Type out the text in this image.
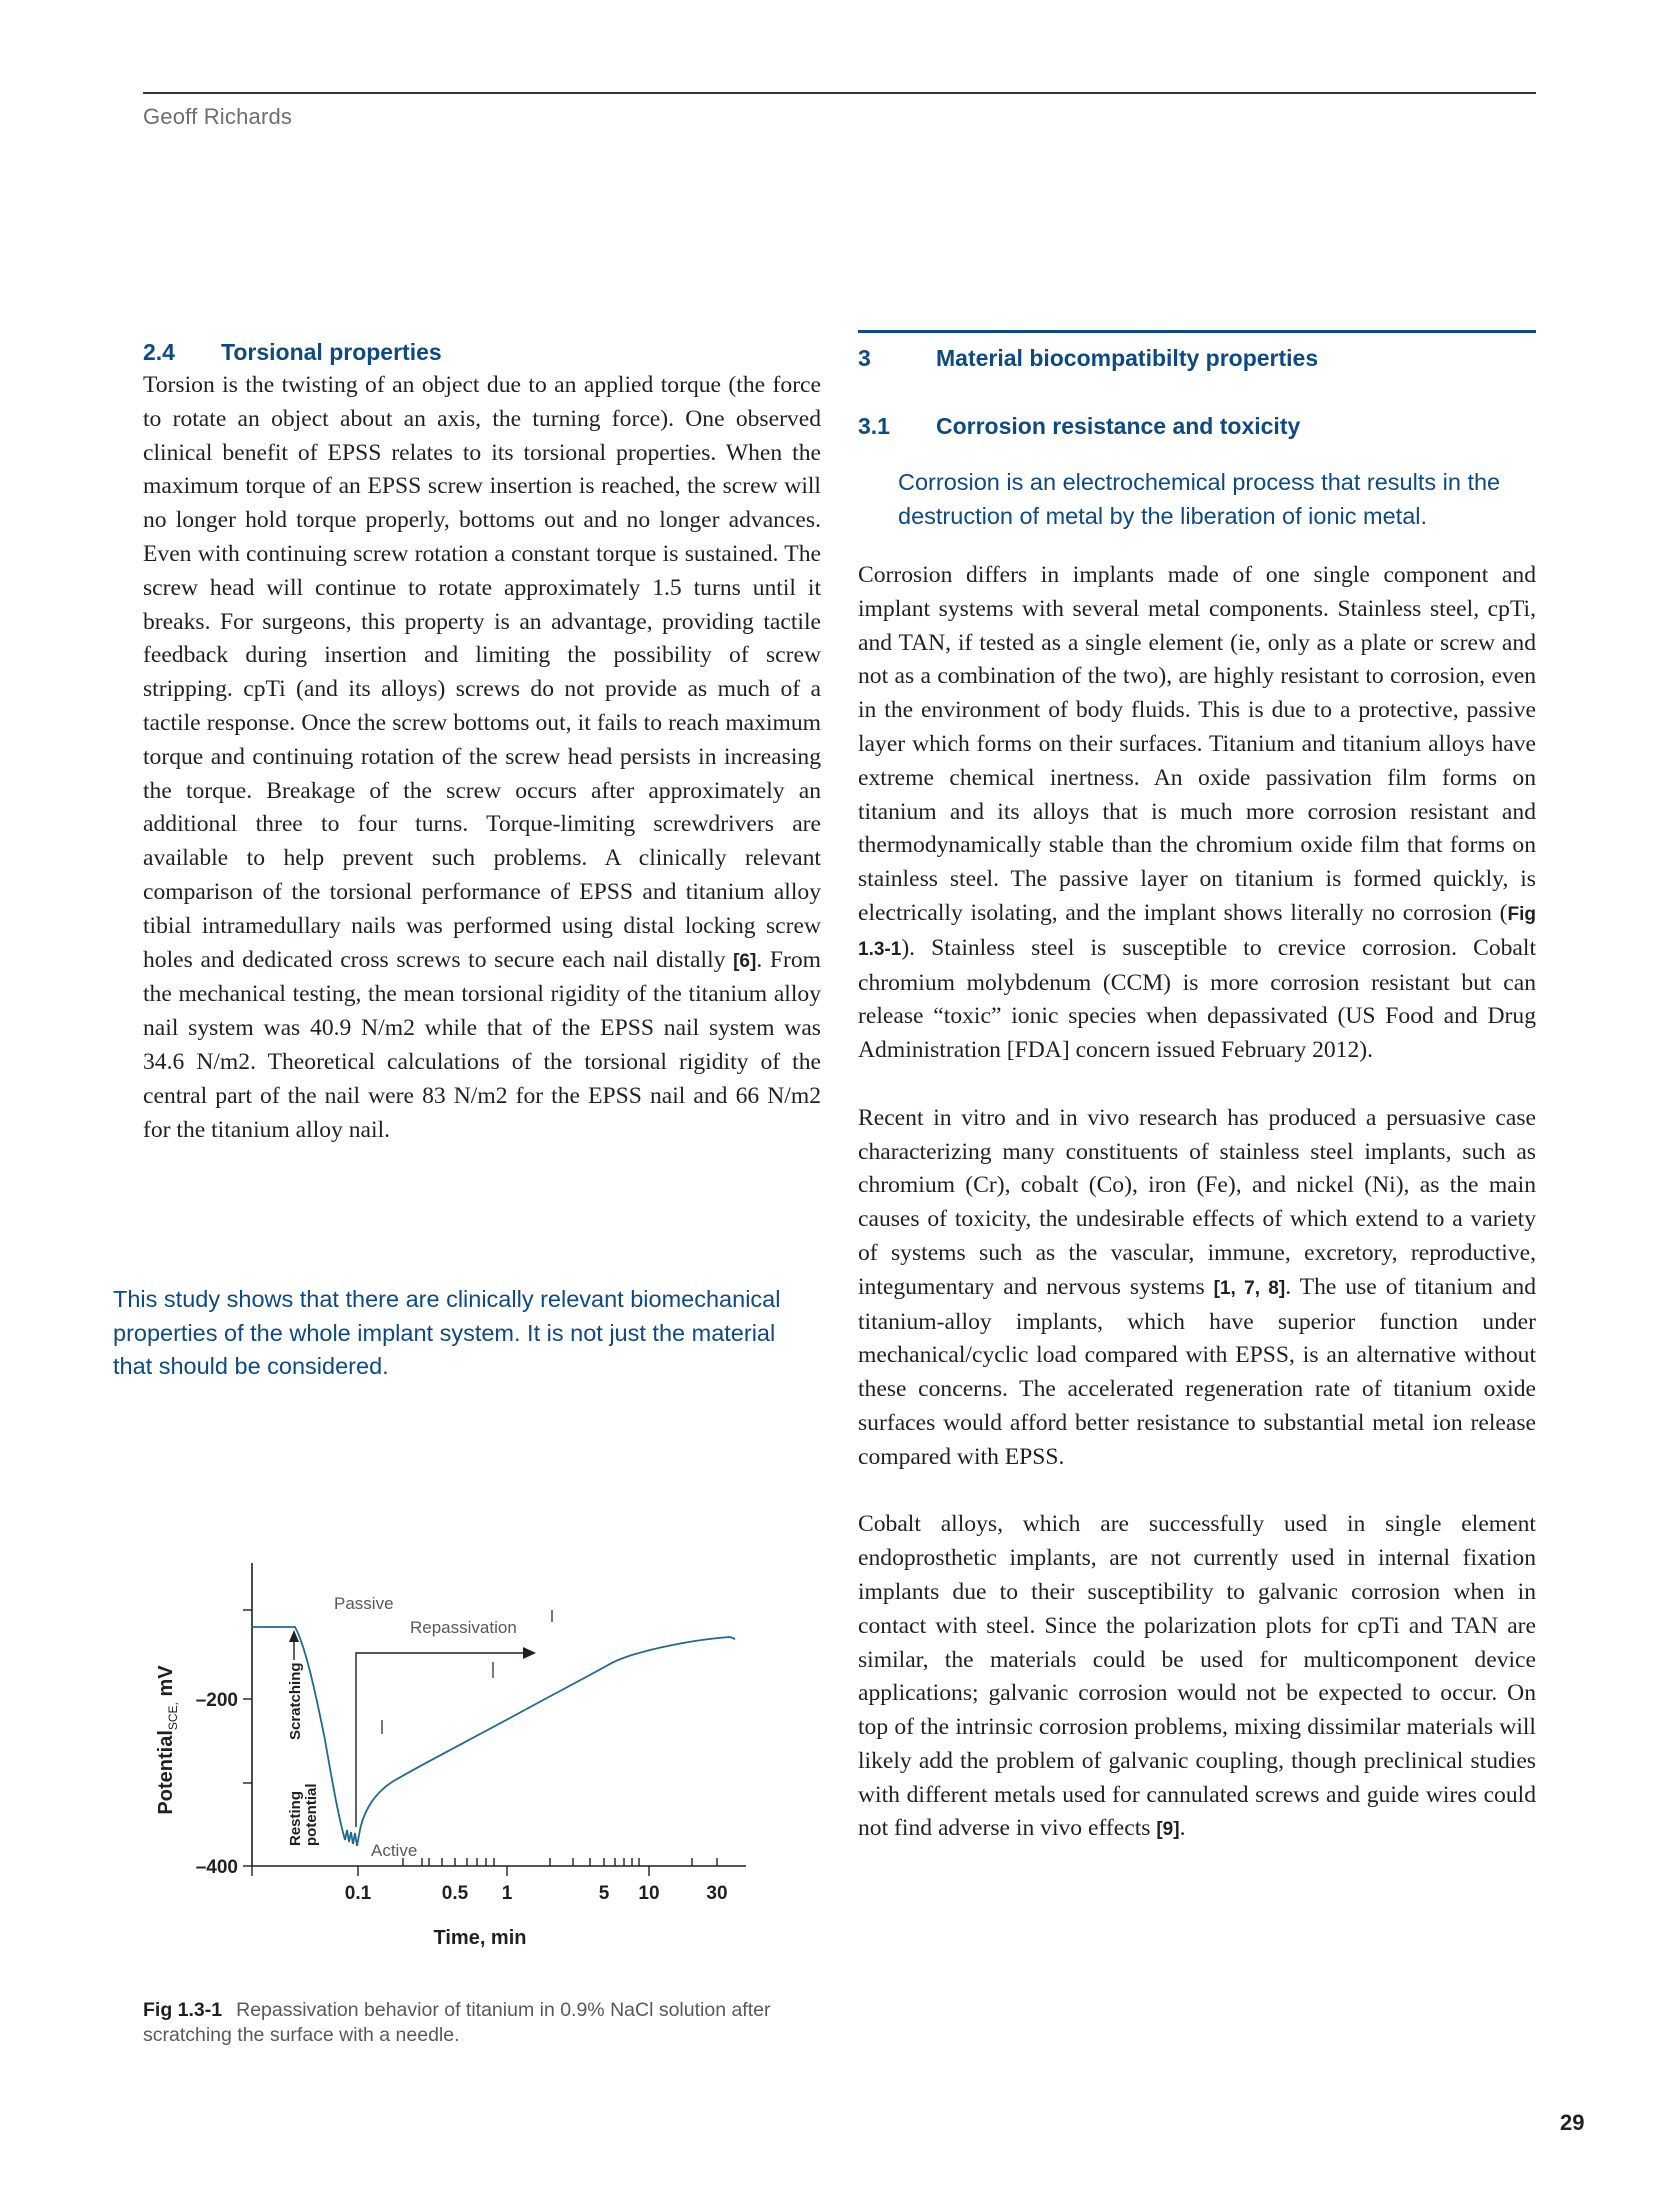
Geoff Richards
2.4	Torsional properties

Torsion is the twisting of an object due to an applied torque (the force to rotate an object about an axis, the turning force). One observed clinical benefit of EPSS relates to its torsional properties. When the maximum torque of an EPSS screw insertion is reached, the screw will no longer hold torque properly, bottoms out and no longer advances. Even with continuing screw rotation a constant torque is sustained. The screw head will continue to rotate approximately 1.5 turns until it breaks. For surgeons, this property is an advantage, providing tactile feedback during insertion and limiting the possibility of screw stripping. cpTi (and its alloys) screws do not provide as much of a tactile response. Once the screw bottoms out, it fails to reach maximum torque and continuing rotation of the screw head persists in increasing the torque. Breakage of the screw occurs after approximately an additional three to four turns. Torque-limiting screwdrivers are available to help prevent such problems. A clinically relevant comparison of the torsional performance of EPSS and titanium alloy tibial intramedullary nails was performed using distal locking screw holes and dedicated cross screws to secure each nail distally [6]. From the mechanical testing, the mean torsional rigidity of the titanium alloy nail system was 40.9 N/m2 while that of the EPSS nail system was 34.6 N/m2. Theoretical calculations of the torsional rigidity of the central part of the nail were 83 N/m2 for the EPSS nail and 66 N/m2 for the titanium alloy nail.

This study shows that there are clinically relevant biomechanical properties of the whole implant system. It is not just the material that should be considered.
–200
–400
Potential$_{SCE,}$ mV
0.1	0.5 1	5 10 30
Time, min
Passive
Repassivation
Active
Scratching
Resting potential
Fig 1.3-1 Repassivation behavior of titanium in 0.9% NaCl solution after scratching the surface with a needle.
3	Material biocompatibilty properties
3.1	Corrosion resistance and toxicity
Corrosion is an electrochemical process that results in the destruction of metal by the liberation of ionic metal.

Corrosion differs in implants made of one single component and implant systems with several metal components. Stainless steel, cpTi, and TAN, if tested as a single element (ie, only as a plate or screw and not as a combination of the two), are highly resistant to corrosion, even in the environment of body fluids. This is due to a protective, passive layer which forms on their surfaces. Titanium and titanium alloys have extreme chemical inertness. An oxide passivation film forms on titanium and its alloys that is much more corrosion resistant and thermodynamically stable than the chromium oxide film that forms on stainless steel. The passive layer on titanium is formed quickly, is electrically isolating, and the implant shows literally no corrosion (Fig 1.3-1). Stainless steel is susceptible to crevice corrosion. Cobalt chromium molybdenum (CCM) is more corrosion resistant but can release “toxic” ionic species when depassivated (US Food and Drug Administration [FDA] concern issued February 2012).

Recent in vitro and in vivo research has produced a persuasive case characterizing many constituents of stainless steel implants, such as chromium (Cr), cobalt (Co), iron (Fe), and nickel (Ni), as the main causes of toxicity, the undesirable effects of which extend to a variety of systems such as the vascular, immune, excretory, reproductive, integumentary and nervous systems [1, 7, 8]. The use of titanium and titanium-alloy implants, which have superior function under mechanical/cyclic load compared with EPSS, is an alternative without these concerns. The accelerated regeneration rate of titanium oxide surfaces would afford better resistance to substantial metal ion release compared with EPSS.

Cobalt alloys, which are successfully used in single element endoprosthetic implants, are not currently used in internal fixation implants due to their susceptibility to galvanic corrosion when in contact with steel. Since the polarization plots for cpTi and TAN are similar, the materials could be used for multicomponent device applications; galvanic corrosion would not be expected to occur. On top of the intrinsic corrosion problems, mixing dissimilar materials will likely add the problem of galvanic coupling, though preclinical studies with different metals used for cannulated screws and guide wires could not find adverse in vivo effects [9].

29
